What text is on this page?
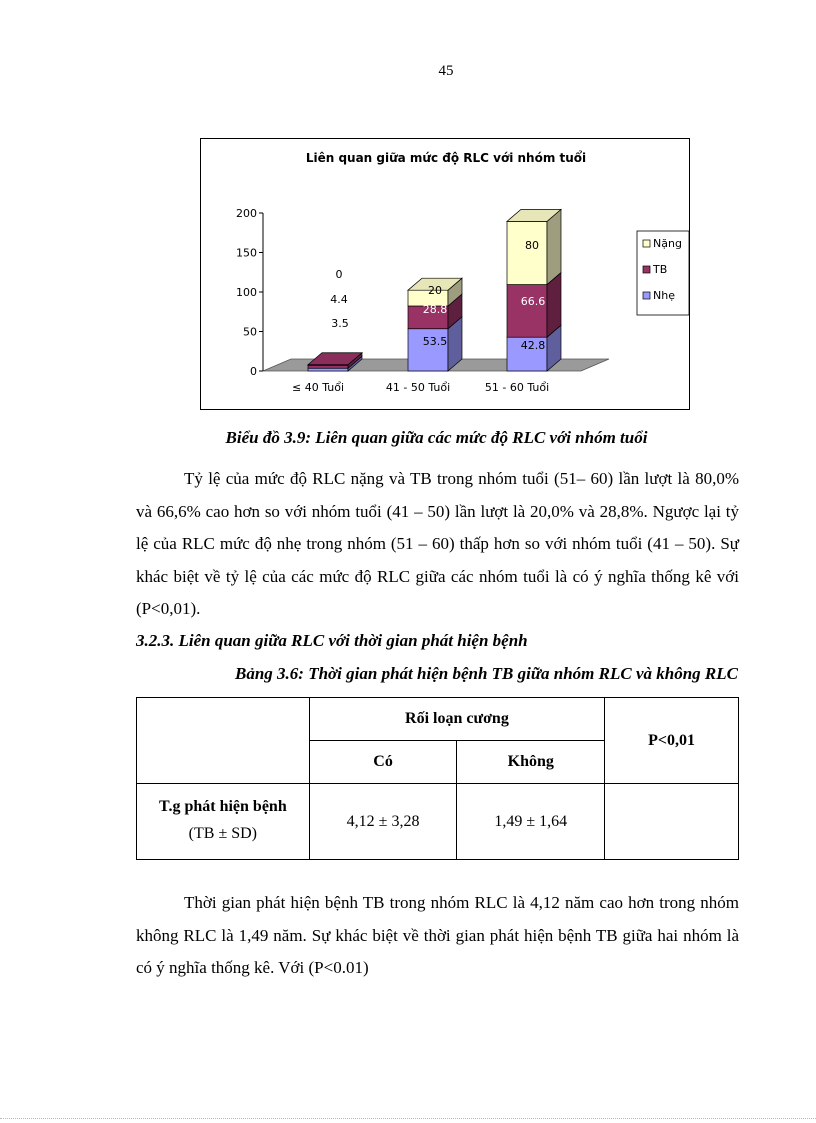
45
Liên quan giữa mức độ RLC với nhóm tuổi
0
50
100
150
200
≤ 40 Tuổi	41 - 50 Tuổi	51 - 60 Tuổi
3.5
4.4
0
53.5
28.8
20
42.8
66.6
80	Nặng
TB
Nhẹ
Biểu đồ 3.9: Liên quan giữa các mức độ RLC với nhóm tuổi

Tỷ lệ của mức độ RLC nặng và TB trong nhóm tuổi (51– 60) lần lượt là 80,0% và 66,6% cao hơn so với nhóm tuổi (41 – 50) lần lượt là 20,0% và 28,8%. Ngược lại tỷ lệ của RLC mức độ nhẹ trong nhóm (51 – 60) thấp hơn so với nhóm tuổi (41 – 50). Sự khác biệt về tỷ lệ của các mức độ RLC giữa các nhóm tuổi là có ý nghĩa thống kê với (P<0,01).

3.2.3. Liên quan giữa RLC với thời gian phát hiện bệnh
Bảng 3.6: Thời gian phát hiện bệnh TB giữa nhóm RLC và không RLC
	Rối loạn cương		P<0,01
	Có	Không	

T.g phát hiện bệnh
(TB ± SD)	4,12 ± 3,28	1,49 ± 1,64	

Thời gian phát hiện bệnh TB trong nhóm RLC là 4,12 năm cao hơn trong nhóm không RLC là 1,49 năm. Sự khác biệt về thời gian phát hiện bệnh TB giữa hai nhóm là có ý nghĩa thống kê. Với (P<0.01)
